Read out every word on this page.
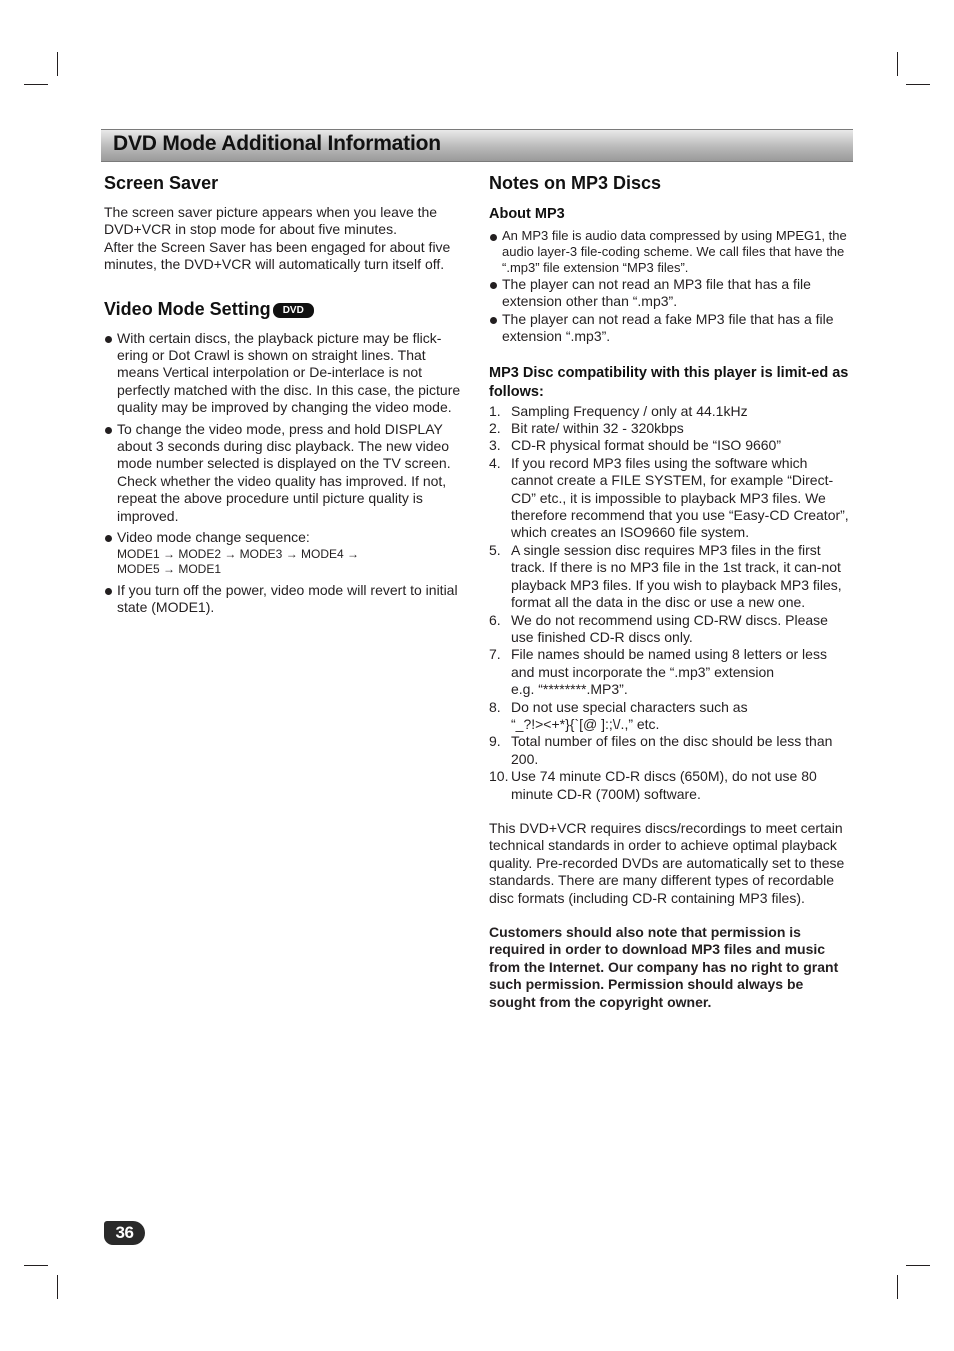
DVD Mode Additional Information
Screen Saver

The screen saver picture appears when you leave the DVD+VCR in stop mode for about five minutes.

After the Screen Saver has been engaged for about five minutes, the DVD+VCR will automatically turn itself off.

Video Mode Setting DVD
With certain discs, the playback picture may be flick-ering or Dot Crawl is shown on straight lines. That means Vertical interpolation or De-interlace is not perfectly matched with the disc. In this case, the picture quality may be improved by changing the video mode.
To change the video mode, press and hold DISPLAY about 3 seconds during disc playback. The new video mode number selected is displayed on the TV screen. Check whether the video quality has improved. If not, repeat the above procedure until picture quality is improved.
Video mode change sequence:
MODE1 → MODE2 → MODE3 → MODE4 →
MODE5 → MODE1
If you turn off the power, video mode will revert to initial state (MODE1).
Notes on MP3 Discs
About MP3
An MP3 file is audio data compressed by using MPEG1, the audio layer-3 file-coding scheme. We call files that have the “.mp3” file extension “MP3 files”.
The player can not read an MP3 file that has a file extension other than “.mp3”.
The player can not read a fake MP3 file that has a file extension “.mp3”.
MP3 Disc compatibility with this player is limit-ed as follows:
1. Sampling Frequency / only at 44.1kHz
2. Bit rate/ within 32 - 320kbps
3. CD-R physical format should be “ISO 9660”
4. If you record MP3 files using the software which cannot create a FILE SYSTEM, for example “Direct-CD” etc., it is impossible to playback MP3 files. We therefore recommend that you use “Easy-CD Creator”, which creates an ISO9660 file system.
5. A single session disc requires MP3 files in the first track. If there is no MP3 file in the 1st track, it can-not playback MP3 files. If you wish to playback MP3 files, format all the data in the disc or use a new one.
6. We do not recommend using CD-RW discs. Please use finished CD-R discs only.
7. File names should be named using 8 letters or less and must incorporate the “.mp3” extension
e.g. “********.MP3”.
8. Do not use special characters such as
“_?!><+*}{`[@ ]:;\/.,” etc.
9. Total number of files on the disc should be less than 200.
10. Use 74 minute CD-R discs (650M), do not use 80 minute CD-R (700M) software.

This DVD+VCR requires discs/recordings to meet certain technical standards in order to achieve optimal playback quality. Pre-recorded DVDs are automatically set to these standards. There are many different types of recordable disc formats (including CD-R containing MP3 files).

Customers should also note that permission is required in order to download MP3 files and music from the Internet. Our company has no right to grant such permission. Permission should always be sought from the copyright owner.

36
